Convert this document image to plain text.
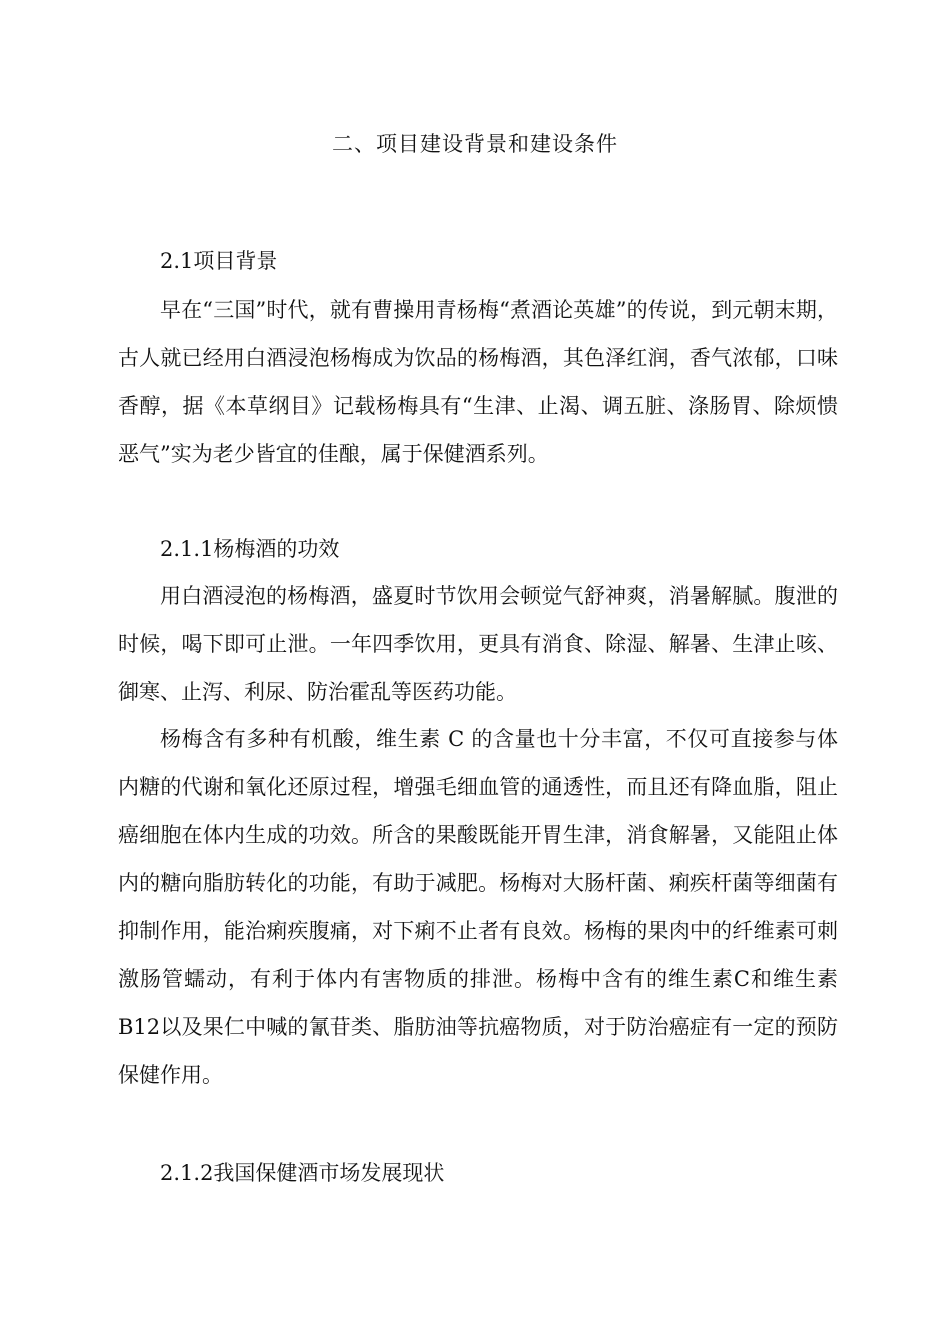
二、项目建设背景和建设条件
2.1项目背景

早在“三国”时代，就有曹操用青杨梅“煮酒论英雄”的传说，到元朝末期，古人就已经用白酒浸泡杨梅成为饮品的杨梅酒，其色泽红润，香气浓郁，口味香醇，据《本草纲目》记载杨梅具有“生津、止渴、调五脏、涤肠胃、除烦愦恶气”实为老少皆宜的佳酿，属于保健酒系列。

2.1.1杨梅酒的功效

用白酒浸泡的杨梅酒，盛夏时节饮用会顿觉气舒神爽，消暑解腻。腹泄的时候，喝下即可止泄。一年四季饮用，更具有消食、除湿、解暑、生津止咳、御寒、止泻、利尿、防治霍乱等医药功能。

杨梅含有多种有机酸，维生素 C 的含量也十分丰富，不仅可直接参与体内糖的代谢和氧化还原过程，增强毛细血管的通透性，而且还有降血脂，阻止癌细胞在体内生成的功效。所含的果酸既能开胃生津，消食解暑，又能阻止体内的糖向脂肪转化的功能，有助于减肥。杨梅对大肠杆菌、痢疾杆菌等细菌有抑制作用，能治痢疾腹痛，对下痢不止者有良效。杨梅的果肉中的纤维素可刺激肠管蠕动，有利于体内有害物质的排泄。杨梅中含有的维生素C和维生素B12以及果仁中喊的氰苷类、脂肪油等抗癌物质，对于防治癌症有一定的预防保健作用。

2.1.2我国保健酒市场发展现状
